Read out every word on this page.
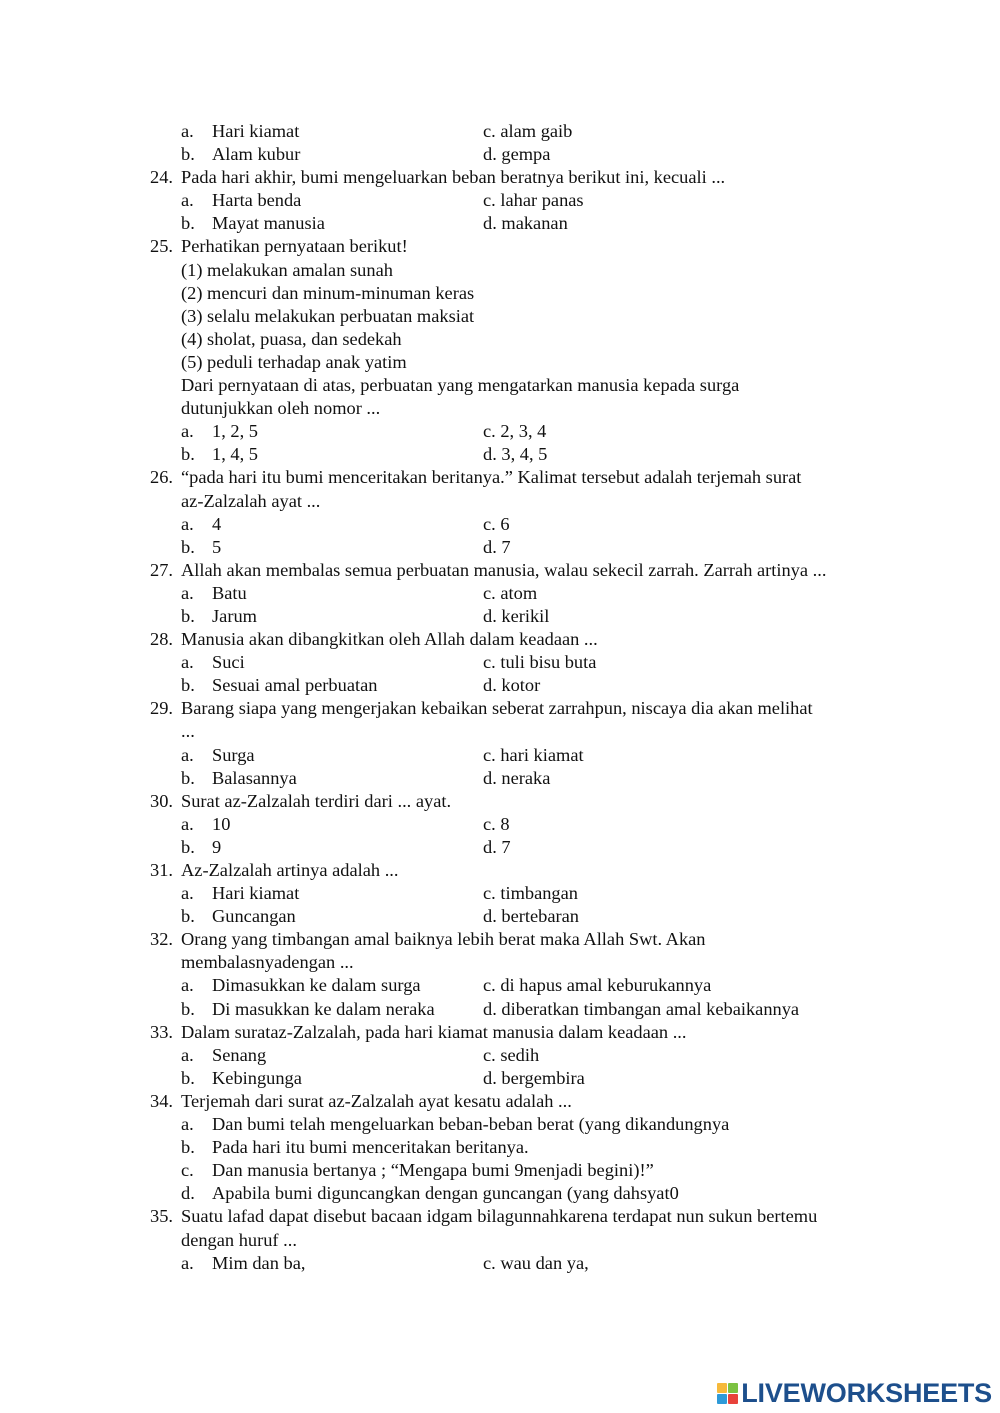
a. Hari kiamat	c. alam gaib
b. Alam kubur	d. gempa
24. Pada hari akhir, bumi mengeluarkan beban beratnya berikut ini, kecuali ...
a. Harta benda	c. lahar panas
b. Mayat manusia	d. makanan
25. Perhatikan pernyataan berikut!
(1) melakukan amalan sunah
(2) mencuri dan minum-minuman keras
(3) selalu melakukan perbuatan maksiat
(4) sholat, puasa, dan sedekah
(5) peduli terhadap anak yatim
Dari pernyataan di atas, perbuatan yang mengatarkan manusia kepada surga
dutunjukkan oleh nomor ...
a. 1, 2, 5	c. 2, 3, 4
b. 1, 4, 5	d. 3, 4, 5
26. “pada hari itu bumi menceritakan beritanya.” Kalimat tersebut adalah terjemah surat
az-Zalzalah ayat ...
a. 4	c. 6
b. 5	d. 7
27. Allah akan membalas semua perbuatan manusia, walau sekecil zarrah. Zarrah artinya ...
a. Batu	c. atom
b. Jarum	d. kerikil
28. Manusia akan dibangkitkan oleh Allah dalam keadaan ...
a. Suci	c. tuli bisu buta
b. Sesuai amal perbuatan	d. kotor
29. Barang siapa yang mengerjakan kebaikan seberat zarrahpun, niscaya dia akan melihat
...
a. Surga	c. hari kiamat
b. Balasannya	d. neraka
30. Surat az-Zalzalah terdiri dari ... ayat.
a. 10	c. 8
b. 9	d. 7
31. Az-Zalzalah artinya adalah ...
a. Hari kiamat	c. timbangan
b. Guncangan	d. bertebaran
32. Orang yang timbangan amal baiknya lebih berat maka Allah Swt. Akan
membalasnyadengan ...
a. Dimasukkan ke dalam surga	c. di hapus amal keburukannya
b. Di masukkan ke dalam neraka	d. diberatkan timbangan amal kebaikannya
33. Dalam surataz-Zalzalah, pada hari kiamat manusia dalam keadaan ...
a. Senang	c. sedih
b. Kebingunga	d. bergembira
34. Terjemah dari surat az-Zalzalah ayat kesatu adalah ...
a. Dan bumi telah mengeluarkan beban-beban berat (yang dikandungnya
b. Pada hari itu bumi menceritakan beritanya.
c. Dan manusia bertanya ; “Mengapa bumi 9menjadi begini)!”
d. Apabila bumi diguncangkan dengan guncangan (yang dahsyat0
35. Suatu lafad dapat disebut bacaan idgam bilagunnahkarena terdapat nun sukun bertemu
dengan huruf ...
a. Mim dan ba,	c. wau dan ya,
LIVEWORKSHEETS
